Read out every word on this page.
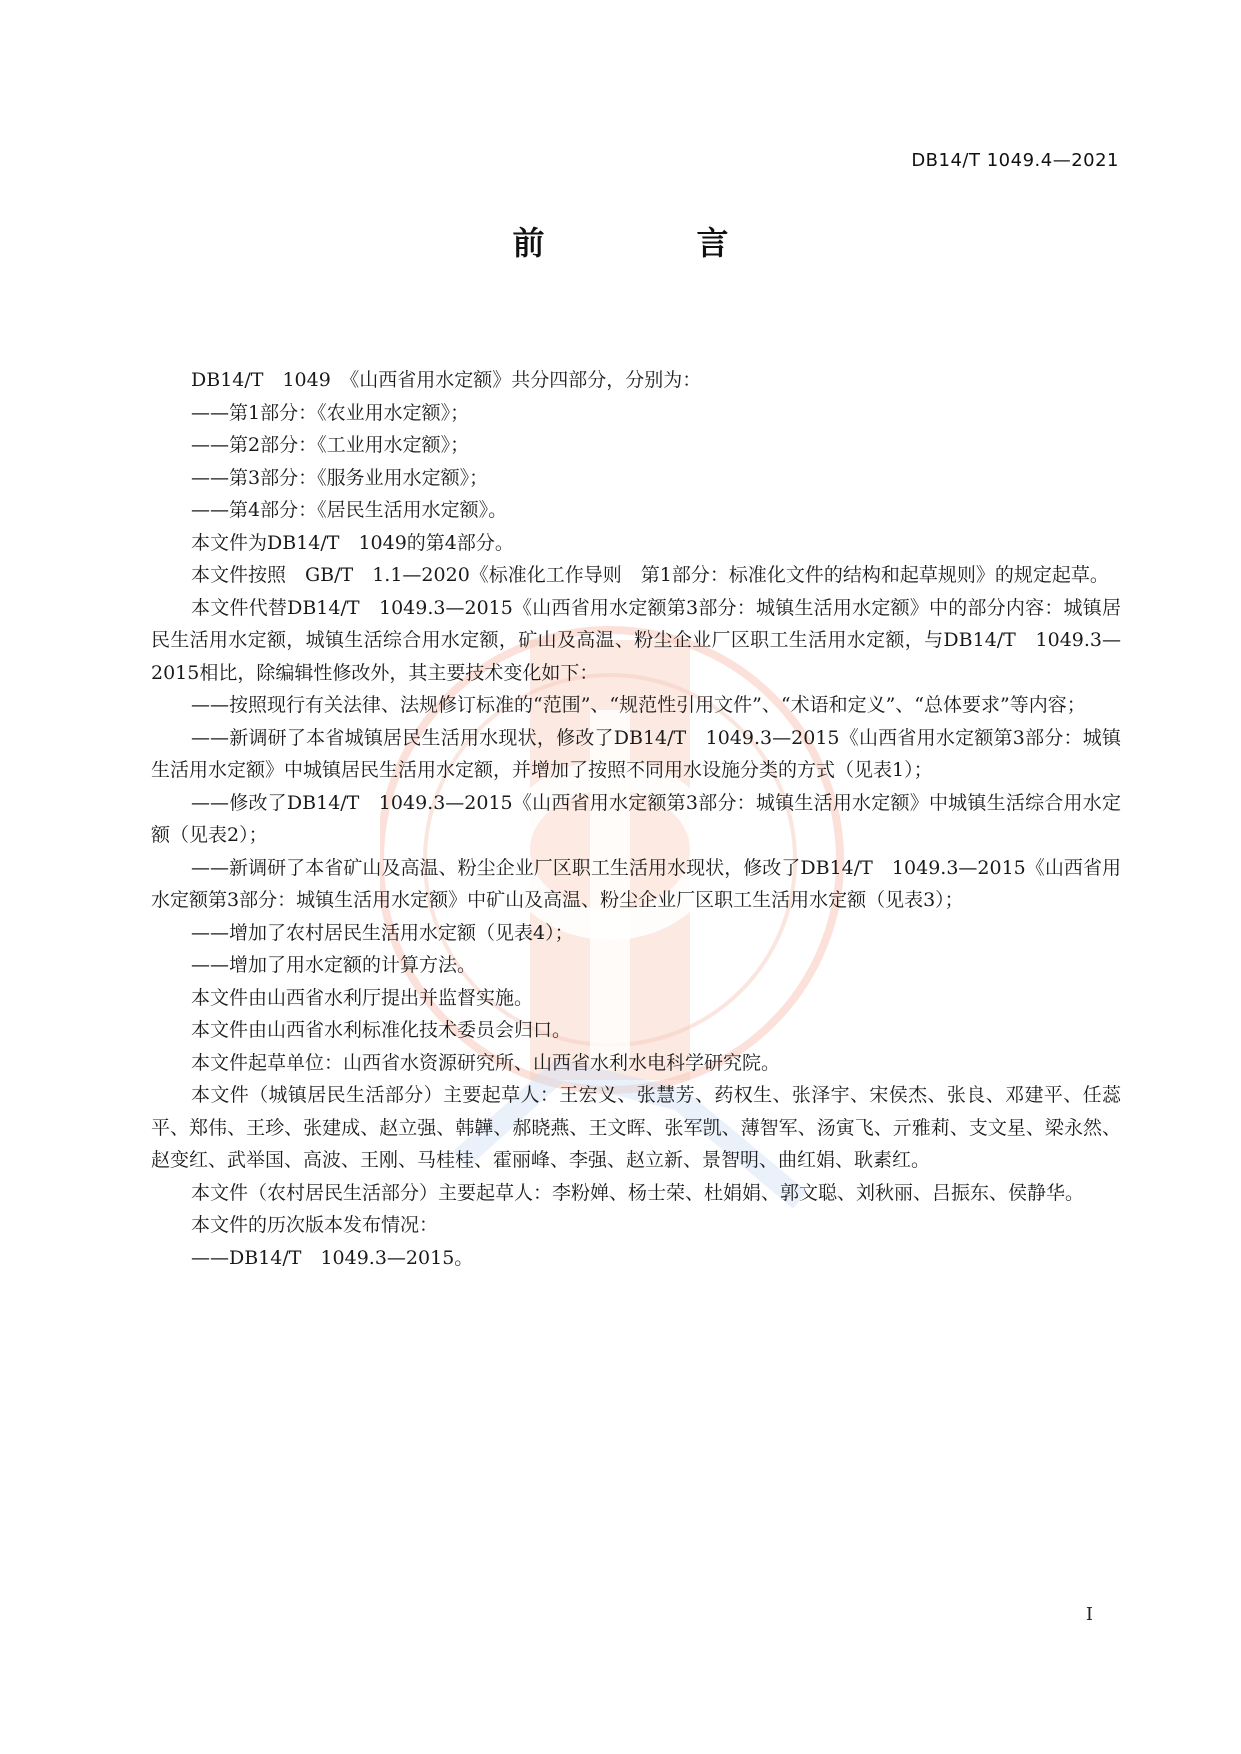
DB14/T 1049.4—2021
前　言

DB14/T　1049　《山西省用水定额》共分四部分，分别为：

——第1部分：《农业用水定额》；

——第2部分：《工业用水定额》；

——第3部分：《服务业用水定额》；

——第4部分：《居民生活用水定额》。

本文件为DB14/T　1049的第4部分。

本文件按照　GB/T　1.1—2020《标准化工作导则　第1部分：标准化文件的结构和起草规则》的规定起草。

本文件代替DB14/T　1049.3—2015《山西省用水定额第3部分：城镇生活用水定额》中的部分内容：城镇居民生活用水定额，城镇生活综合用水定额，矿山及高温、粉尘企业厂区职工生活用水定额，与DB14/T　1049.3—2015相比，除编辑性修改外，其主要技术变化如下：

——按照现行有关法律、法规修订标准的“范围”、“规范性引用文件”、“术语和定义”、“总体要求”等内容；

——新调研了本省城镇居民生活用水现状，修改了DB14/T　1049.3—2015《山西省用水定额第3部分：城镇生活用水定额》中城镇居民生活用水定额，并增加了按照不同用水设施分类的方式（见表1）；

——修改了DB14/T　1049.3—2015《山西省用水定额第3部分：城镇生活用水定额》中城镇生活综合用水定额（见表2）；

——新调研了本省矿山及高温、粉尘企业厂区职工生活用水现状，修改了DB14/T　1049.3—2015《山西省用水定额第3部分：城镇生活用水定额》中矿山及高温、粉尘企业厂区职工生活用水定额（见表3）；

——增加了农村居民生活用水定额（见表4）；

——增加了用水定额的计算方法。

本文件由山西省水利厅提出并监督实施。

本文件由山西省水利标准化技术委员会归口。

本文件起草单位：山西省水资源研究所、山西省水利水电科学研究院。

本文件（城镇居民生活部分）主要起草人：王宏义、张慧芳、药权生、张泽宇、宋侯杰、张良、邓建平、任蕊平、郑伟、王珍、张建成、赵立强、韩韡、郝晓燕、王文晖、张军凯、薄智军、汤寅飞、亓雅莉、支文星、梁永然、赵变红、武举国、高波、王刚、马桂桂、霍丽峰、李强、赵立新、景智明、曲红娟、耿素红。

本文件（农村居民生活部分）主要起草人：李粉婵、杨士荣、杜娟娟、郭文聪、刘秋丽、吕振东、侯静华。

本文件的历次版本发布情况：

——DB14/T　1049.3—2015。

I
